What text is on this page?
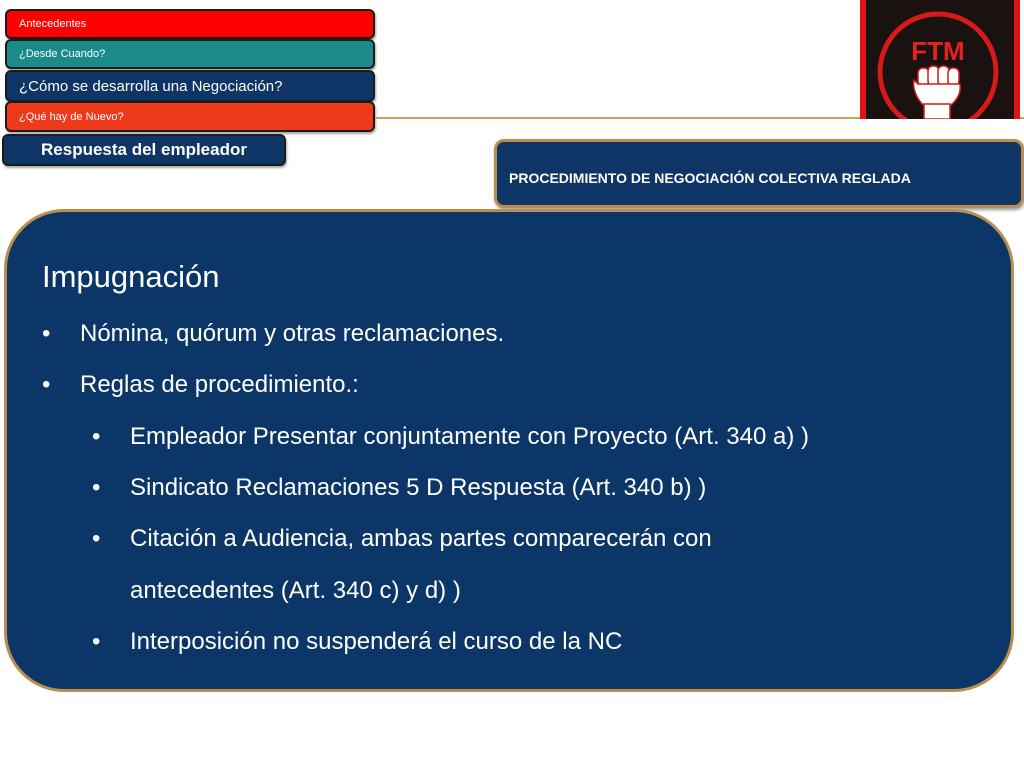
Antecedentes
¿Desde Cuando?
¿Cómo se desarrolla una Negociación?
¿Qué hay de Nuevo?
Respuesta del empleador
FTM
PROCEDIMIENTO DE NEGOCIACIÓN COLECTIVA REGLADA
Impugnación
• Nómina, quórum y otras reclamaciones.
• Reglas de procedimiento.:
• Empleador Presentar conjuntamente con Proyecto (Art. 340 a) )
• Sindicato Reclamaciones 5 D Respuesta (Art. 340 b) )
• Citación a Audiencia, ambas partes comparecerán con
antecedentes (Art. 340 c) y d) )
• Interposición no suspenderá el curso de la NC
